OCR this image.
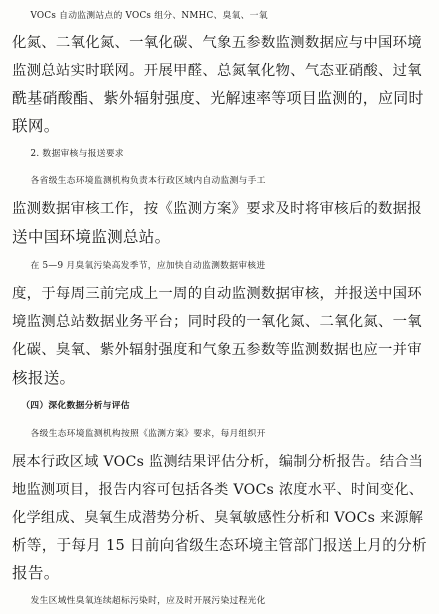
VOCs 自动监测站点的 VOCs 组分、NMHC、臭氧、一氧
化氮、二氧化氮、一氧化碳、气象五参数监测数据应与中国环境
监测总站实时联网。开展甲醛、总氮氧化物、气态亚硝酸、过氧
酰基硝酸酯、紫外辐射强度、光解速率等项目监测的，应同时
联网。
2. 数据审核与报送要求
各省级生态环境监测机构负责本行政区域内自动监测与手工
监测数据审核工作，按《监测方案》要求及时将审核后的数据报
送中国环境监测总站。
在 5—9 月臭氧污染高发季节，应加快自动监测数据审核进
度，于每周三前完成上一周的自动监测数据审核，并报送中国环
境监测总站数据业务平台；同时段的一氧化氮、二氧化氮、一氧
化碳、臭氧、紫外辐射强度和气象五参数等监测数据也应一并审
核报送。
（四）深化数据分析与评估
各级生态环境监测机构按照《监测方案》要求，每月组织开
展本行政区域 VOCs 监测结果评估分析，编制分析报告。结合当
地监测项目，报告内容可包括各类 VOCs 浓度水平、时间变化、
化学组成、臭氧生成潜势分析、臭氧敏感性分析和 VOCs 来源解
析等，于每月 15 日前向省级生态环境主管部门报送上月的分析
报告。
发生区域性臭氧连续超标污染时，应及时开展污染过程光化
